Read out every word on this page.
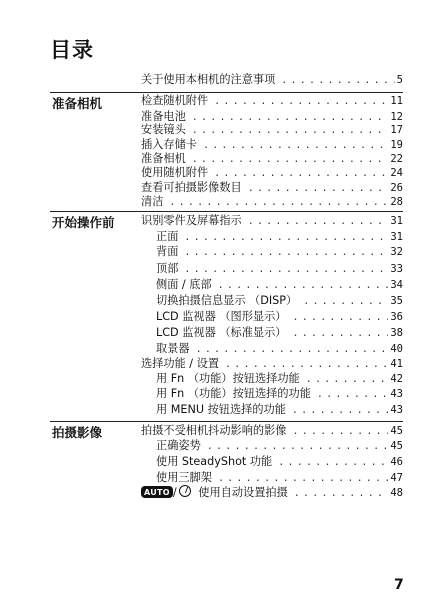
目录
关于使用本相机的注意事项 . . .	5
准备相机	检查随机附件 . . .	11
准备电池 . . .	12
安装镜头 . . .	17
插入存储卡 . . .	19
准备相机 . . .	22
使用随机附件 . . .	24
查看可拍摄影像数目 . . .	26
清洁 . . .	28
开始操作前 识别零件及屏幕指示 . . .	31
正面 . . .	31
背面 . . .	32
顶部 . . .	33
侧面 / 底部 . . .	34
切换拍摄信息显示 （DISP） . . .	35
LCD 监视器 （图形显示） . . .	36
LCD 监视器 （标准显示） . . .	38
取景器 . . .	40
选择功能 / 设置 . . .	41
用 Fn （功能）按钮选择功能 . . .	42
用 Fn （功能）按钮选择的功能 . . .	43
用 MENU 按钮选择的功能 . . .	43
拍摄影像	拍摄不受相机抖动影响的影像 . . .	45
正确姿势 . . .	45
使用 SteadyShot 功能 . . .	46
使用三脚架 . . .	47
AUTO / 使用自动设置拍摄 . . .	48
7
